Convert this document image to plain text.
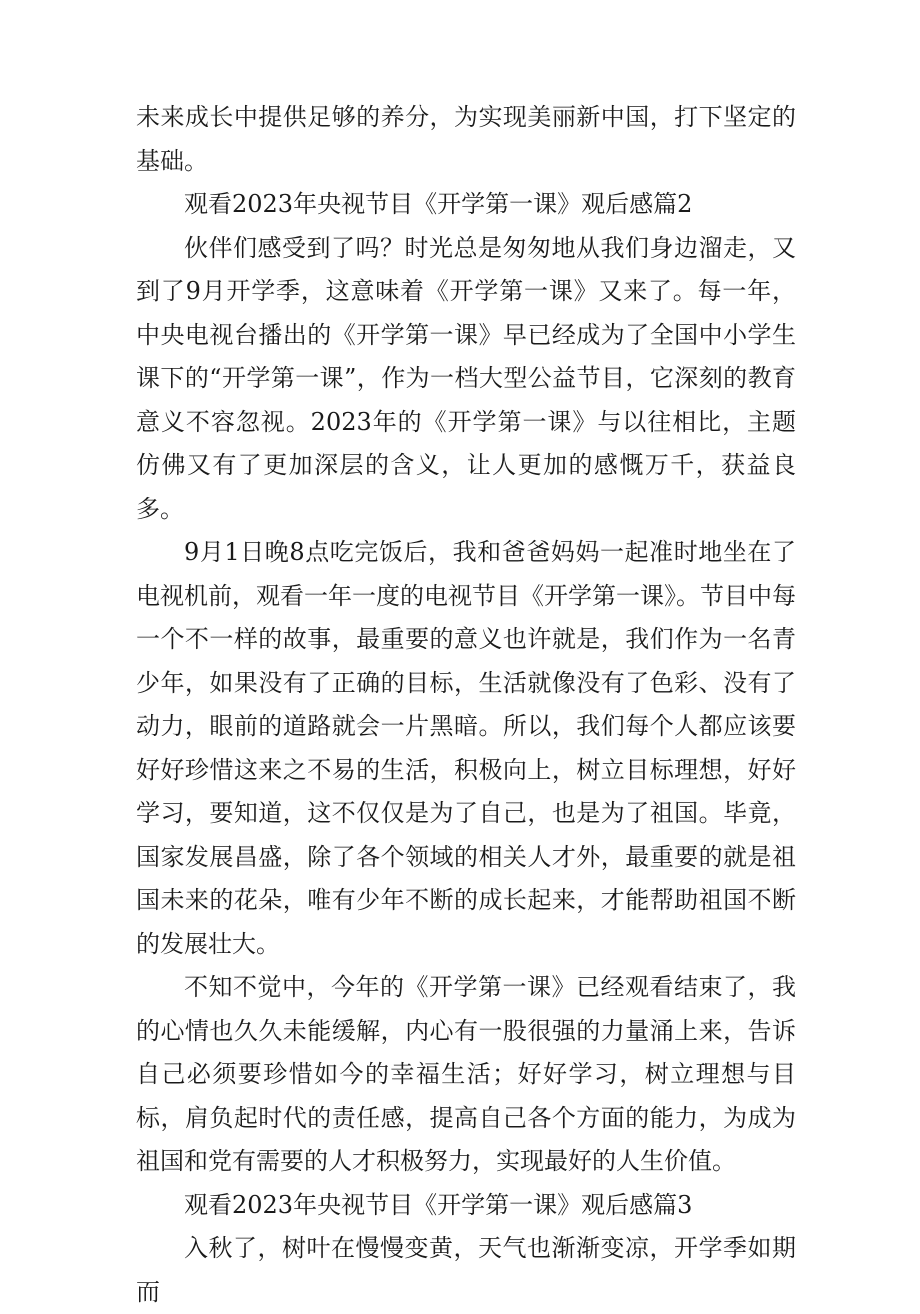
未来成长中提供足够的养分，为实现美丽新中国，打下坚定的基础。

观看2023年央视节目《开学第一课》观后感篇2

伙伴们感受到了吗？时光总是匆匆地从我们身边溜走，又到了9月开学季，这意味着《开学第一课》又来了。每一年，中央电视台播出的《开学第一课》早已经成为了全国中小学生课下的“开学第一课”，作为一档大型公益节目，它深刻的教育意义不容忽视。2023年的《开学第一课》与以往相比，主题仿佛又有了更加深层的含义，让人更加的感慨万千，获益良多。

9月1日晚8点吃完饭后，我和爸爸妈妈一起准时地坐在了电视机前，观看一年一度的电视节目《开学第一课》。节目中每一个不一样的故事，最重要的意义也许就是，我们作为一名青少年，如果没有了正确的目标，生活就像没有了色彩、没有了动力，眼前的道路就会一片黑暗。所以，我们每个人都应该要好好珍惜这来之不易的生活，积极向上，树立目标理想，好好学习，要知道，这不仅仅是为了自己，也是为了祖国。毕竟，国家发展昌盛，除了各个领域的相关人才外，最重要的就是祖国未来的花朵，唯有少年不断的成长起来，才能帮助祖国不断的发展壮大。

不知不觉中，今年的《开学第一课》已经观看结束了，我的心情也久久未能缓解，内心有一股很强的力量涌上来，告诉自己必须要珍惜如今的幸福生活；好好学习，树立理想与目标，肩负起时代的责任感，提高自己各个方面的能力，为成为祖国和党有需要的人才积极努力，实现最好的人生价值。

观看2023年央视节目《开学第一课》观后感篇3

入秋了，树叶在慢慢变黄，天气也渐渐变凉，开学季如期而
